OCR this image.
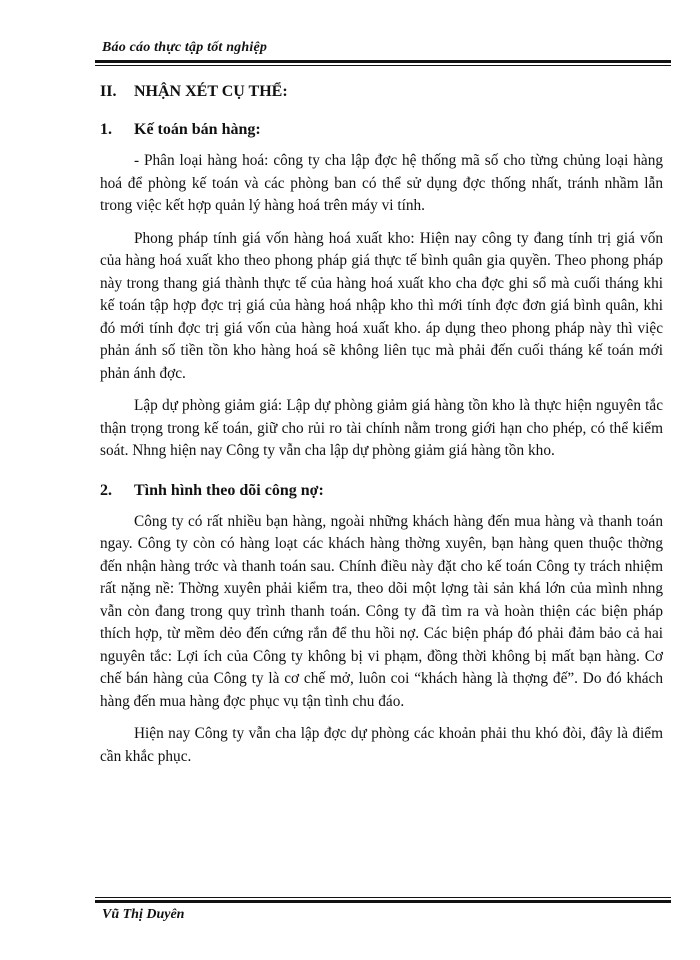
Báo cáo thực tập tốt nghiệp
II.	NHẬN XÉT CỤ THỂ:
1.	Kế toán bán hàng:

- Phân loại hàng hoá: công ty cha lập đợc hệ thống mã số cho từng chủng loại hàng hoá để phòng kế toán và các phòng ban có thể sử dụng đợc thống nhất, tránh nhầm lẫn trong việc kết hợp quản lý hàng hoá trên máy vi tính.

Phong pháp tính giá vốn hàng hoá xuất kho: Hiện nay công ty đang tính trị giá vốn của hàng hoá xuất kho theo phong pháp giá thực tế bình quân gia quyền. Theo phong pháp này trong thang giá thành thực tế của hàng hoá xuất kho cha đợc ghi sổ mà cuối tháng khi kế toán tập hợp đợc trị giá của hàng hoá nhập kho thì mới tính đợc đơn giá bình quân, khi đó mới tính đợc trị giá vốn của hàng hoá xuất kho. áp dụng theo phong pháp này thì việc phản ánh số tiền tồn kho hàng hoá sẽ không liên tục mà phải đến cuối tháng kế toán mới phản ánh đợc.

Lập dự phòng giảm giá: Lập dự phòng giảm giá hàng tồn kho là thực hiện nguyên tắc thận trọng trong kế toán, giữ cho rủi ro tài chính nằm trong giới hạn cho phép, có thể kiểm soát. Nhng hiện nay Công ty vẫn cha lập dự phòng giảm giá hàng tồn kho.

2.	Tình hình theo dõi công nợ:

Công ty có rất nhiều bạn hàng, ngoài những khách hàng đến mua hàng và thanh toán ngay. Công ty còn có hàng loạt các khách hàng thờng xuyên, bạn hàng quen thuộc thờng đến nhận hàng trớc và thanh toán sau. Chính điều này đặt cho kế toán Công ty trách nhiệm rất nặng nề: Thờng xuyên phải kiểm tra, theo dõi một lợng tài sản khá lớn của mình nhng vẫn còn đang trong quy trình thanh toán. Công ty đã tìm ra và hoàn thiện các biện pháp thích hợp, từ mềm dẻo đến cứng rắn để thu hồi nợ. Các biện pháp đó phải đảm bảo cả hai nguyên tắc: Lợi ích của Công ty không bị vi phạm, đồng thời không bị mất bạn hàng. Cơ chế bán hàng của Công ty là cơ chế mở, luôn coi “khách hàng là thợng đế”. Do đó khách hàng đến mua hàng đợc phục vụ tận tình chu đáo.

Hiện nay Công ty vẫn cha lập đợc dự phòng các khoản phải thu khó đòi, đây là điểm cần khắc phục.

Vũ Thị Duyên
